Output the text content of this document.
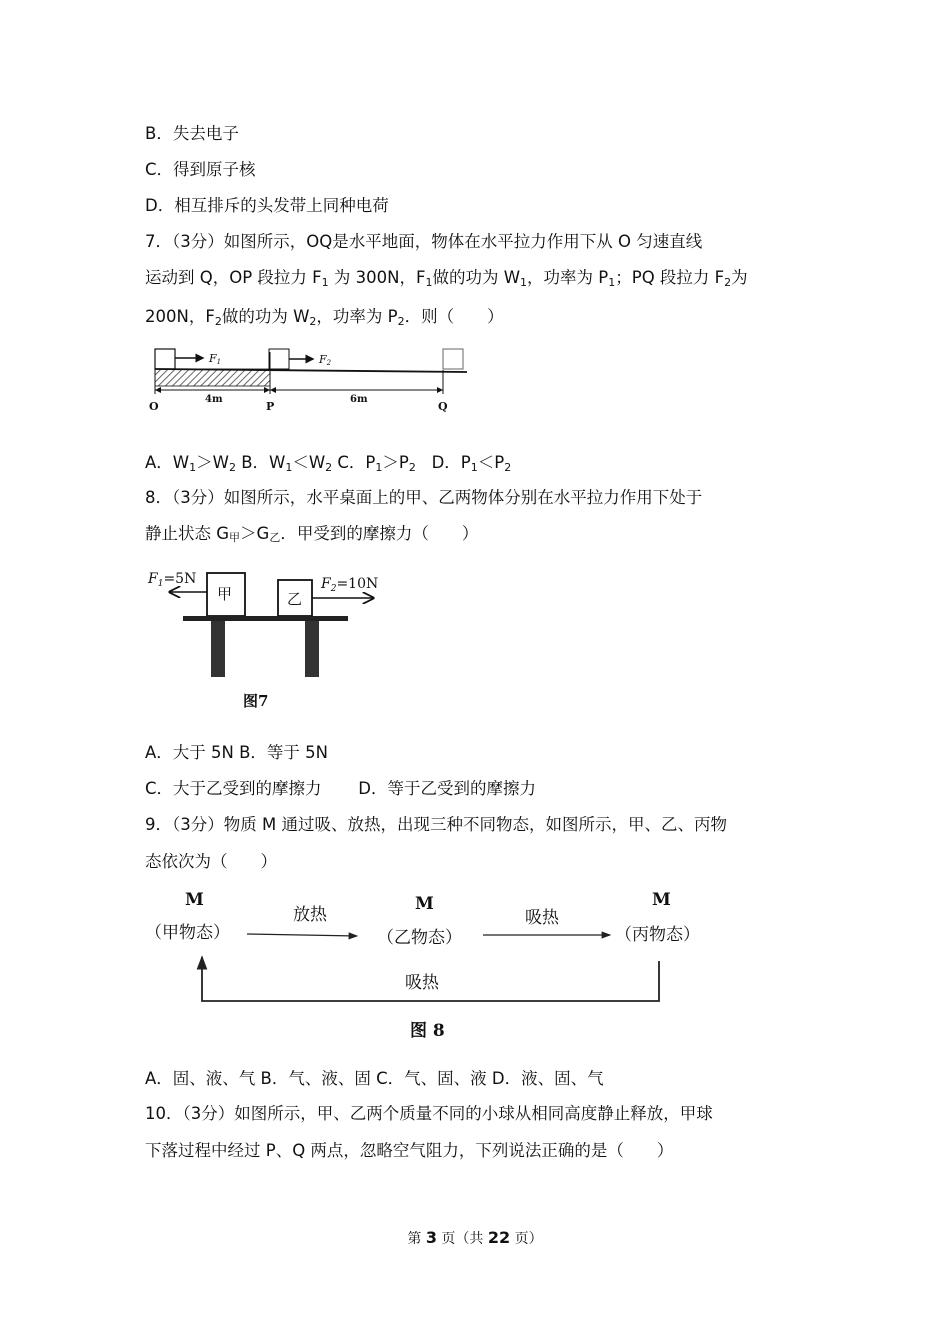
B．失去电子
C．得到原子核
D．相互排斥的头发带上同种电荷
7．（3分）如图所示，OQ是水平地面，物体在水平拉力作用下从 O 匀速直线
运动到 Q，OP 段拉力 $F_1$ 为 300N，$F_1$做的功为 $W_1$，功率为 $P_1$；PQ 段拉力 $F_2$为
200N，$F_2$做的功为 $W_2$，功率为 $P_2$．则（　　）
F1	F2
4m	6m
O	P	Q
A．$W_1>W_2$ B．$W_1<W_2$ C．$P_1>P_2$ D．$P_1<P_2$
8．（3分）如图所示，水平桌面上的甲、乙两物体分别在水平拉力作用下处于
静止状态 G甲＞G乙．甲受到的摩擦力（　　）
$F_1=5N$
甲	乙
$F_2=10N$
图7
A．大于 5N B．等于 5N
C．大于乙受到的摩擦力 D．等于乙受到的摩擦力
9．（3分）物质 M 通过吸、放热，出现三种不同物态，如图所示，甲、乙、丙物
态依次为（　　）
M	M	M
（甲物态）	（乙物态）	（丙物态）
放热	吸热
吸热
图 8
A．固、液、气 B．气、液、固 C．气、固、液 D．液、固、气
10．（3分）如图所示，甲、乙两个质量不同的小球从相同高度静止释放，甲球
下落过程中经过 P、Q 两点，忽略空气阻力，下列说法正确的是（　　）
第 3 页（共 22 页）
